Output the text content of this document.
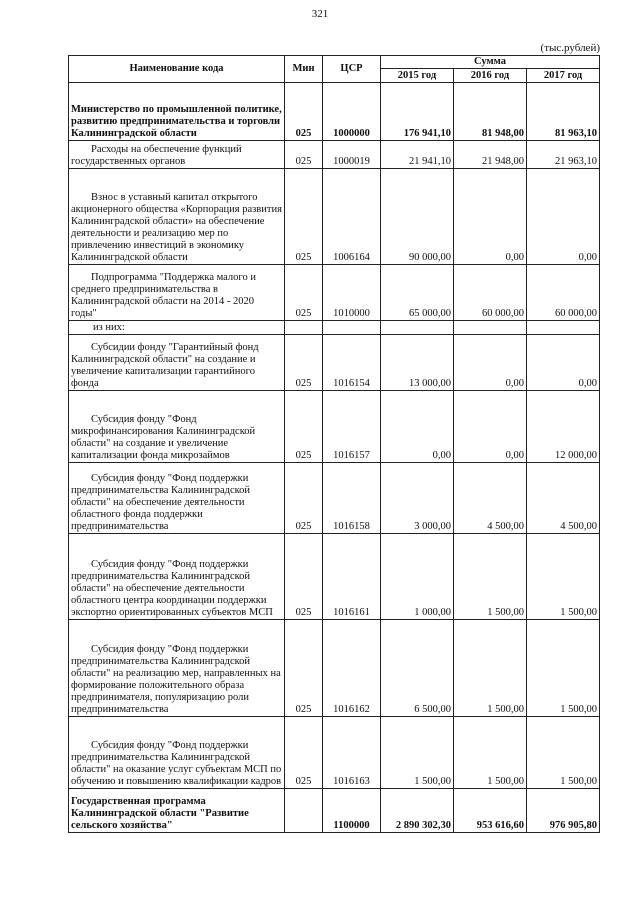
321
(тыс.рублей)
Наименование кода	Мин	ЦСР	Сумма		
			2015 год	2016 год	2017 год
Министерство по промышленной политике, развитию предпринимательства и торговли Калининградской области	025	1000000	176 941,10	81 948,00	81 963,10
Расходы на обеспечение функций государственных органов	025	1000019	21 941,10	21 948,00	21 963,10
Взнос в уставный капитал открытого акционерного общества «Корпорация развития Калининградской области» на обеспечение деятельности и реализацию мер по привлечению инвестиций в экономику Калининградской области	025	1006164	90 000,00	0,00	0,00
Подпрограмма "Поддержка малого и среднего предпринимательства в Калининградской области на 2014 - 2020 годы"	025	1010000	65 000,00	60 000,00	60 000,00
из них:					
Субсидии фонду "Гарантийный фонд Калининградской области" на создание и увеличение капитализации гарантийного фонда	025	1016154	13 000,00	0,00	0,00
Субсидия фонду "Фонд микрофинансирования Калининградской области" на создание и увеличение капитализации фонда микрозаймов	025	1016157	0,00	0,00	12 000,00
Субсидия фонду "Фонд поддержки предпринимательства Калининградской области" на обеспечение деятельности областного фонда поддержки предпринимательства	025	1016158	3 000,00	4 500,00	4 500,00
Субсидия фонду "Фонд поддержки предпринимательства Калининградской области" на обеспечение деятельности областного центра координации поддержки экспортно ориентированных субъектов МСП	025	1016161	1 000,00	1 500,00	1 500,00
Субсидия фонду "Фонд поддержки предпринимательства Калининградской области" на реализацию мер, направленных на формирование положительного образа предпринимателя, популяризацию роли предпринимательства	025	1016162	6 500,00	1 500,00	1 500,00
Субсидия фонду "Фонд поддержки предпринимательства Калининградской области" на оказание услуг субъектам МСП по обучению и повышению квалификации кадров	025	1016163	1 500,00	1 500,00	1 500,00
Государственная программа Калининградской области "Развитие сельского хозяйства"		1100000	2 890 302,30	953 616,60	976 905,80
